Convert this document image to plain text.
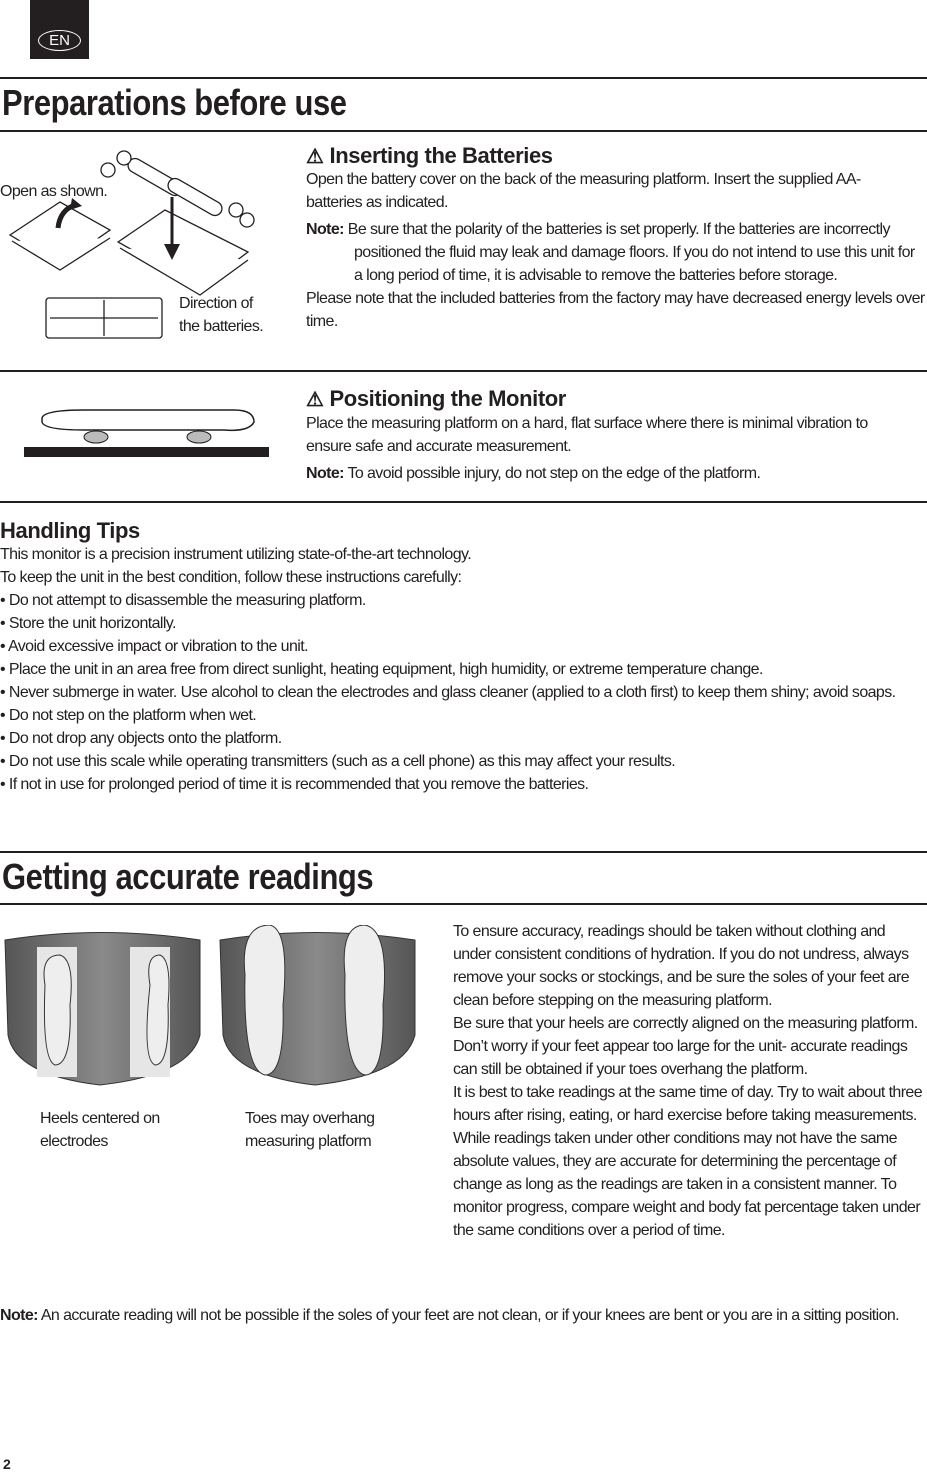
EN
Preparations before use
Open as shown.
Direction of the batteries.
⚠ Inserting the Batteries
Open the battery cover on the back of the measuring platform. Insert the supplied AA-batteries as indicated.
Note: Be sure that the polarity of the batteries is set properly. If the batteries are incorrectly positioned the fluid may leak and damage floors. If you do not intend to use this unit for a long period of time, it is advisable to remove the batteries before storage.
Please note that the included batteries from the factory may have decreased energy levels over time.
⚠ Positioning the Monitor
Place the measuring platform on a hard, flat surface where there is minimal vibration to ensure safe and accurate measurement.
Note: To avoid possible injury, do not step on the edge of the platform.
Handling Tips
This monitor is a precision instrument utilizing state-of-the-art technology.
To keep the unit in the best condition, follow these instructions carefully:
• Do not attempt to disassemble the measuring platform.
• Store the unit horizontally.
• Avoid excessive impact or vibration to the unit.
• Place the unit in an area free from direct sunlight, heating equipment, high humidity, or extreme temperature change.
• Never submerge in water. Use alcohol to clean the electrodes and glass cleaner (applied to a cloth first) to keep them shiny; avoid soaps.
• Do not step on the platform when wet.
• Do not drop any objects onto the platform.
• Do not use this scale while operating transmitters (such as a cell phone) as this may affect your results.
• If not in use for prolonged period of time it is recommended that you remove the batteries.
Getting accurate readings
Heels centered on electrodes
Toes may overhang measuring platform
To ensure accuracy, readings should be taken without clothing and under consistent conditions of hydration. If you do not undress, always remove your socks or stockings, and be sure the soles of your feet are clean before stepping on the measuring platform.
Be sure that your heels are correctly aligned on the measuring platform. Don’t worry if your feet appear too large for the unit- accurate readings can still be obtained if your toes overhang the platform.
It is best to take readings at the same time of day. Try to wait about three hours after rising, eating, or hard exercise before taking measurements.
While readings taken under other conditions may not have the same absolute values, they are accurate for determining the percentage of change as long as the readings are taken in a consistent manner. To monitor progress, compare weight and body fat percentage taken under the same conditions over a period of time.
Note: An accurate reading will not be possible if the soles of your feet are not clean, or if your knees are bent or you are in a sitting position.
2
